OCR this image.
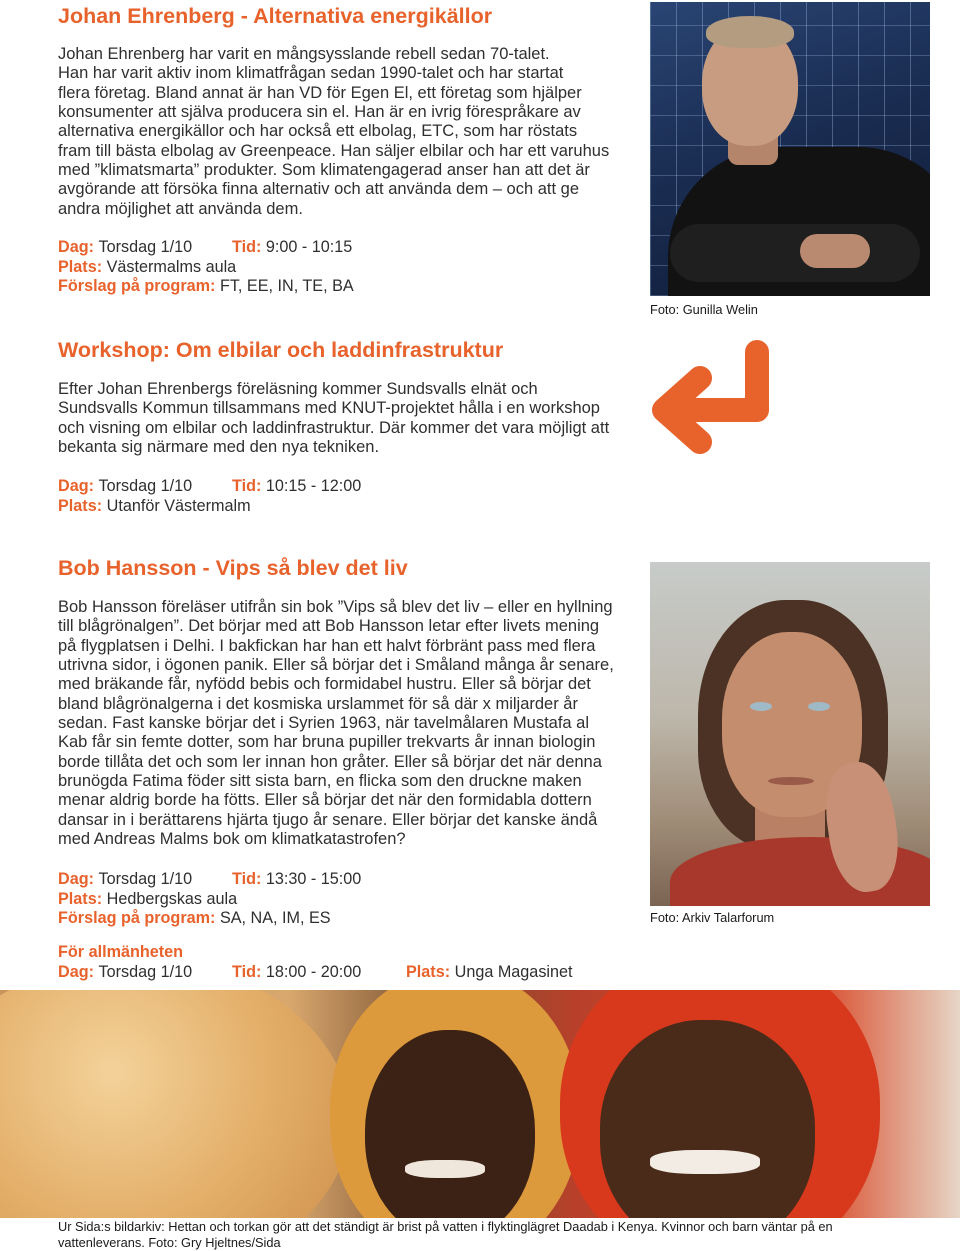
Johan Ehrenberg - Alternativa energikällor
Johan Ehrenberg har varit en mångsysslande rebell sedan 70-talet.
Han har varit aktiv inom klimatfrågan sedan 1990-talet och har startat
flera företag. Bland annat är han VD för Egen El, ett företag som hjälper
konsumenter att själva producera sin el. Han är en ivrig förespråkare av
alternativa energikällor och har också ett elbolag, ETC, som har röstats
fram till bästa elbolag av Greenpeace. Han säljer elbilar och har ett varuhus
med ”klimatsmarta” produkter. Som klimatengagerad anser han att det är
avgörande att försöka finna alternativ och att använda dem – och att ge
andra möjlighet att använda dem.
Dag: Torsdag 1/10 Tid: 9:00 - 10:15
Plats: Västermalms aula
Förslag på program: FT, EE, IN, TE, BA
Foto: Gunilla Welin
Workshop: Om elbilar och laddinfrastruktur
Efter Johan Ehrenbergs föreläsning kommer Sundsvalls elnät och
Sundsvalls Kommun tillsammans med KNUT-projektet hålla i en workshop
och visning om elbilar och laddinfrastruktur. Där kommer det vara möjligt att
bekanta sig närmare med den nya tekniken.
Dag: Torsdag 1/10 Tid: 10:15 - 12:00
Plats: Utanför Västermalm
Bob Hansson - Vips så blev det liv
Bob Hansson föreläser utifrån sin bok ”Vips så blev det liv – eller en hyllning
till blågrönalgen”. Det börjar med att Bob Hansson letar efter livets mening
på flygplatsen i Delhi. I bakfickan har han ett halvt förbränt pass med flera
utrivna sidor, i ögonen panik. Eller så börjar det i Småland många år senare,
med bräkande får, nyfödd bebis och formidabel hustru. Eller så börjar det
bland blågrönalgerna i det kosmiska urslammet för så där x miljarder år
sedan. Fast kanske börjar det i Syrien 1963, när tavelmålaren Mustafa al
Kab får sin femte dotter, som har bruna pupiller trekvarts år innan biologin
borde tillåta det och som ler innan hon gråter. Eller så börjar det när denna
brunögda Fatima föder sitt sista barn, en flicka som den druckne maken
menar aldrig borde ha fötts. Eller så börjar det när den formidabla dottern
dansar in i berättarens hjärta tjugo år senare. Eller börjar det kanske ändå
med Andreas Malms bok om klimatkatastrofen?
Dag: Torsdag 1/10 Tid: 13:30 - 15:00
Plats: Hedbergskas aula
Förslag på program: SA, NA, IM, ES	Foto: Arkiv Talarforum
För allmänheten
Dag: Torsdag 1/10 Tid: 18:00 - 20:00	Plats: Unga Magasinet
Ur Sida:s bildarkiv: Hettan och torkan gör att det ständigt är brist på vatten i flyktinglägret Daadab i Kenya. Kvinnor och barn väntar på en
vattenleverans. Foto: Gry Hjeltnes/Sida
